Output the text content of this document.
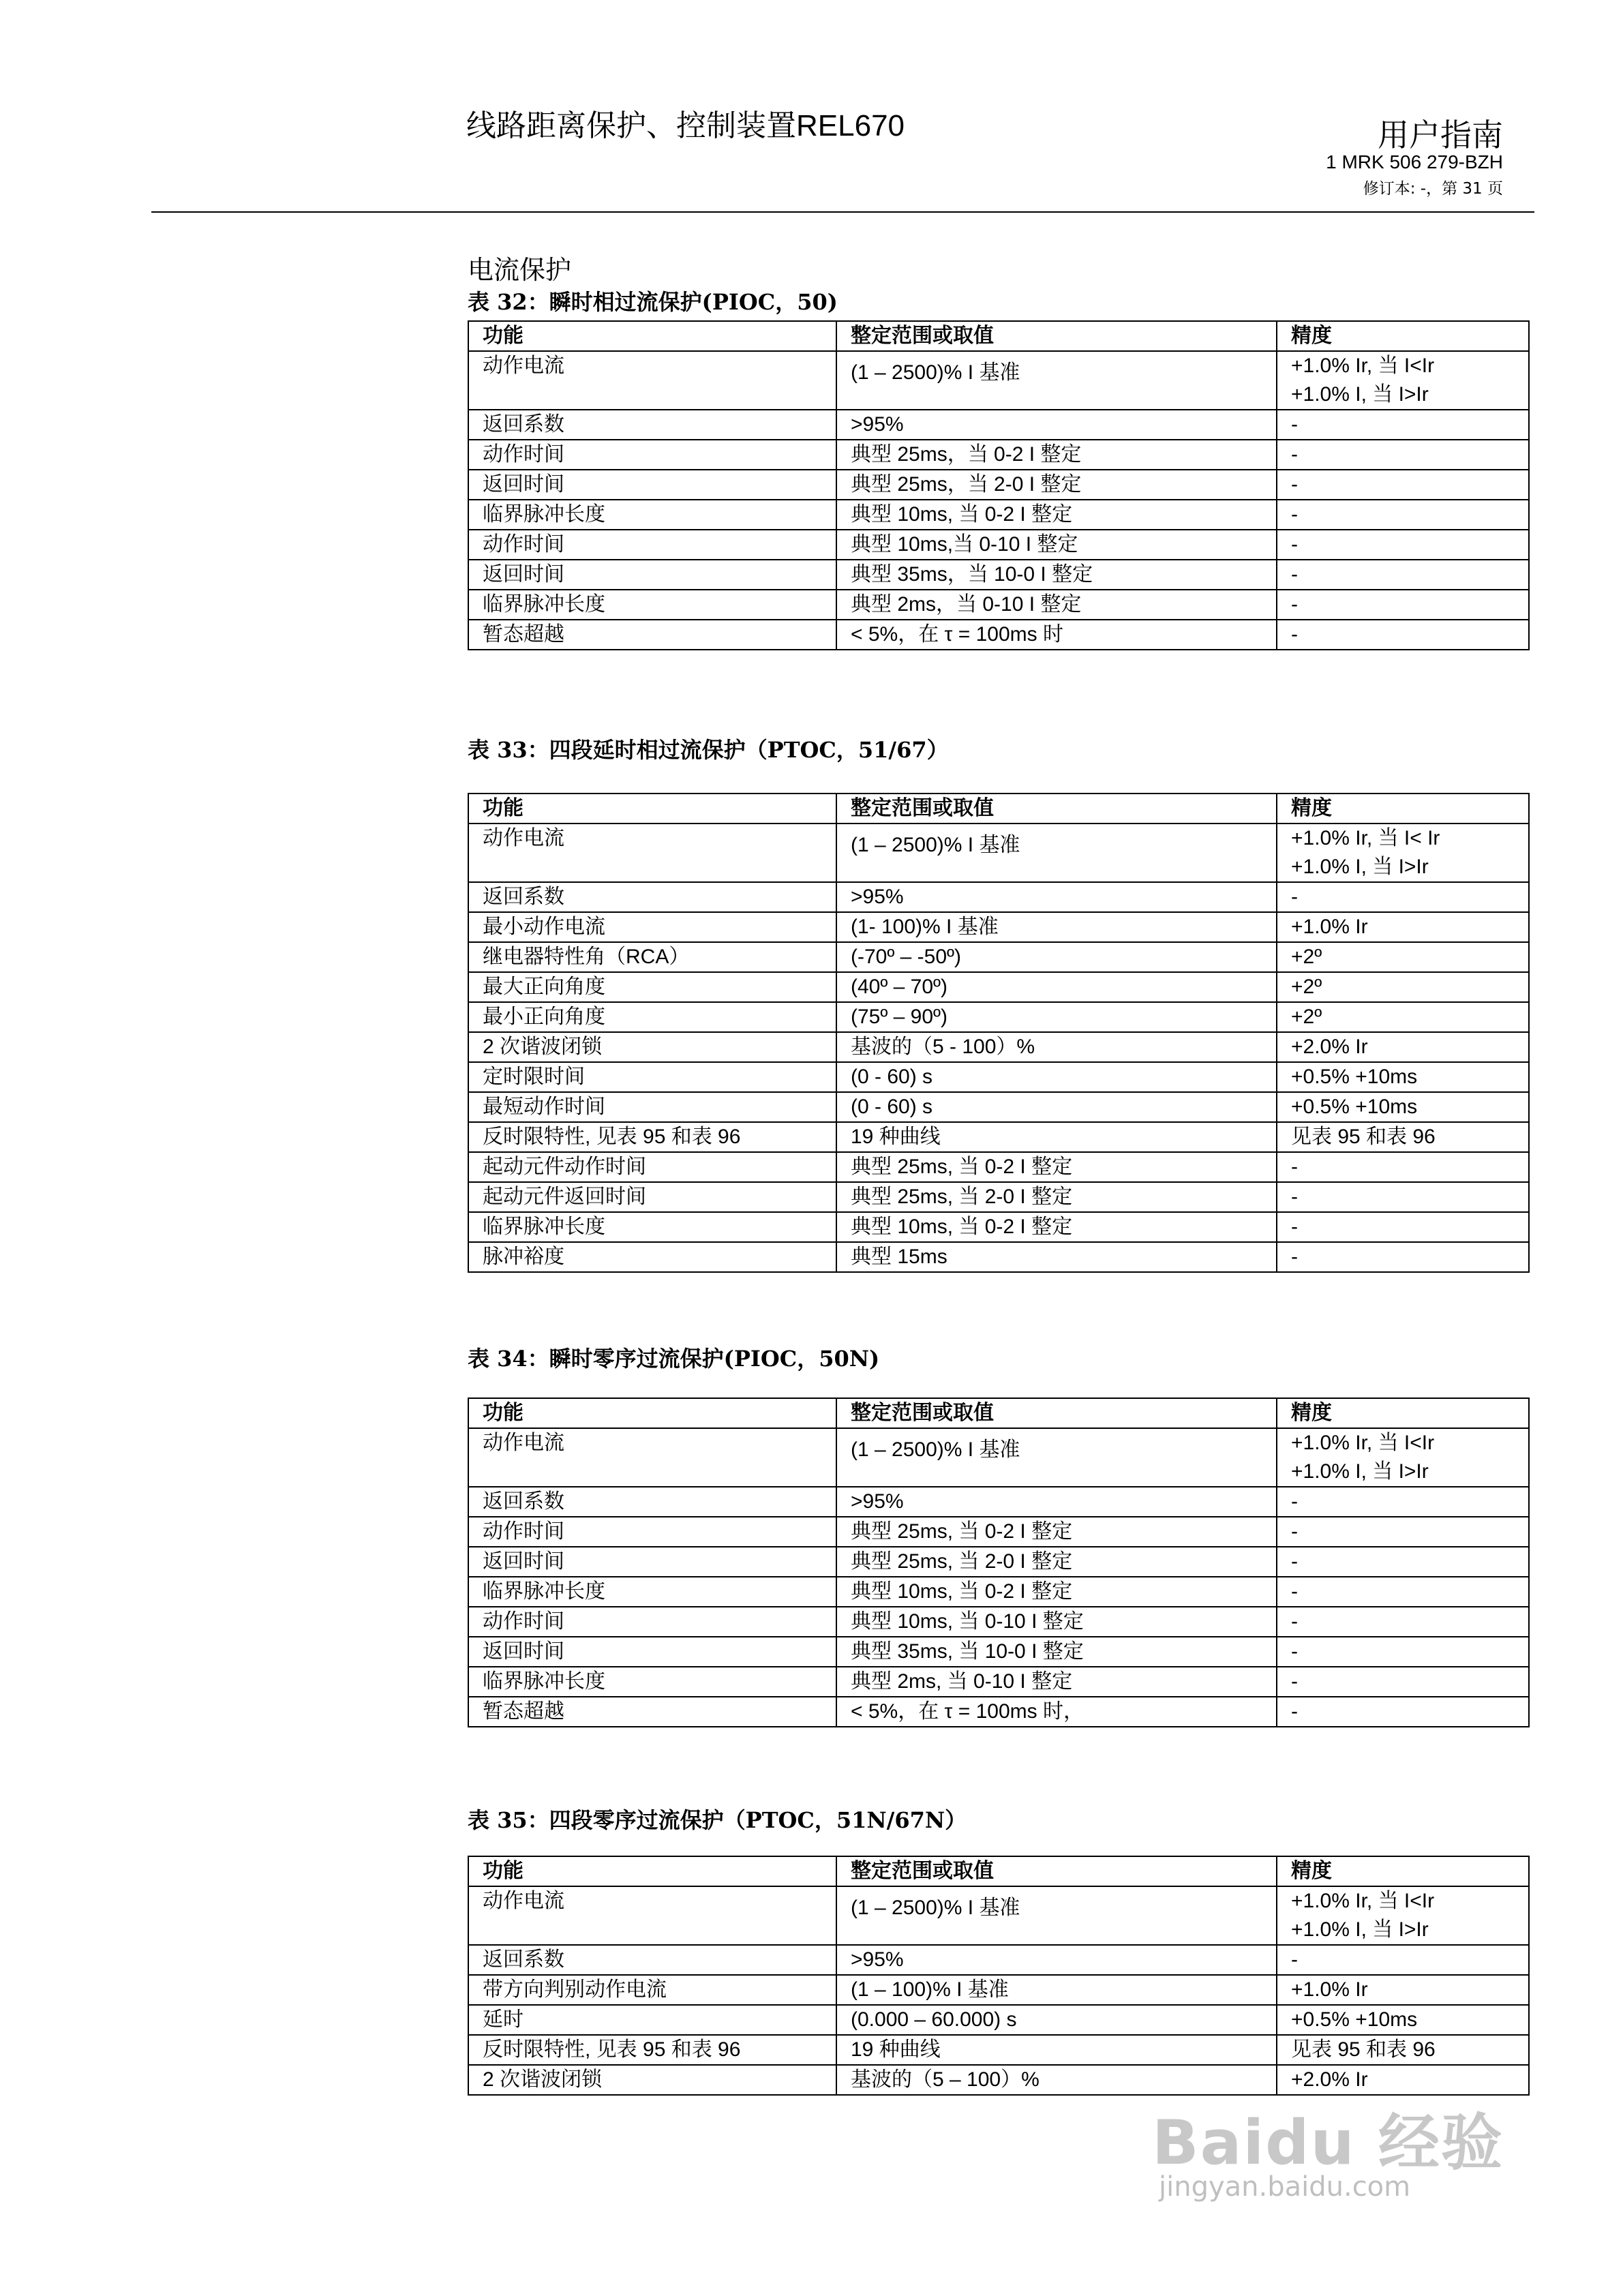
线路距离保护、控制装置REL670	用户指南
1 MRK 506 279-BZH
修订本: -，第 31 页
电流保护
表 32：瞬时相过流保护(PIOC，50)
功能	整定范围或取值	精度
动作电流	(1 – 2500)% I 基准	+1.0% Ir, 当 I<Ir
+1.0% I, 当 I>Ir

返回系数	>95%	-

动作时间	典型 25ms，当 0-2 I 整定	-

返回时间	典型 25ms，当 2-0 I 整定	-

临界脉冲长度	典型 10ms, 当 0-2 I 整定	-

动作时间	典型 10ms,当 0-10 I 整定	-

返回时间	典型 35ms，当 10-0 I 整定	-

临界脉冲长度	典型 2ms，当 0-10 I 整定	-

暂态超越	< 5%，在 τ = 100ms 时	-
表 33：四段延时相过流保护（PTOC，51/67）
功能	整定范围或取值	精度
动作电流	(1 – 2500)% I 基准	+1.0% Ir, 当 I< Ir
+1.0% I, 当 I>Ir

返回系数	>95%	-

最小动作电流	(1- 100)% I 基准	+1.0% Ir

继电器特性角（RCA）	(-70º – -50º)	+2º

最大正向角度	(40º – 70º)	+2º

最小正向角度	(75º – 90º)	+2º

2 次谐波闭锁	基波的（5 - 100）%	+2.0% Ir

定时限时间	(0 - 60) s	+0.5% +10ms

最短动作时间	(0 - 60) s	+0.5% +10ms

反时限特性, 见表 95 和表 96	19 种曲线	见表 95 和表 96

起动元件动作时间	典型 25ms, 当 0-2 I 整定	-

起动元件返回时间	典型 25ms, 当 2-0 I 整定	-

临界脉冲长度	典型 10ms, 当 0-2 I 整定	-

脉冲裕度	典型 15ms	-
表 34：瞬时零序过流保护(PIOC，50N)
功能	整定范围或取值	精度
动作电流	(1 – 2500)% I 基准	+1.0% Ir, 当 I<Ir
+1.0% I, 当 I>Ir

返回系数	>95%	-

动作时间	典型 25ms, 当 0-2 I 整定	-

返回时间	典型 25ms, 当 2-0 I 整定	-

临界脉冲长度	典型 10ms, 当 0-2 I 整定	-

动作时间	典型 10ms, 当 0-10 I 整定	-

返回时间	典型 35ms, 当 10-0 I 整定	-

临界脉冲长度	典型 2ms, 当 0-10 I 整定	-

暂态超越	< 5%，在 τ = 100ms 时，	-
表 35：四段零序过流保护（PTOC，51N/67N）
功能	整定范围或取值	精度
动作电流	(1 – 2500)% I 基准	+1.0% Ir, 当 I<Ir
+1.0% I, 当 I>Ir

返回系数	>95%	-

带方向判别动作电流	(1 – 100)% I 基准	+1.0% Ir

延时	(0.000 – 60.000) s	+0.5% +10ms

反时限特性, 见表 95 和表 96	19 种曲线	见表 95 和表 96

2 次谐波闭锁	基波的（5 – 100）%	+2.0% Ir
Baidu 经验
jingyan.baidu.com
